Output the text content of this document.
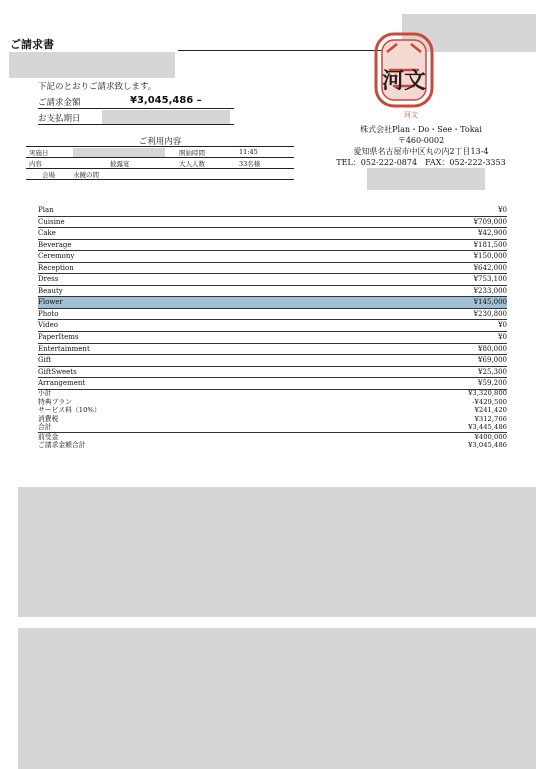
ご請求書
下記のとおりご請求致します。
ご請求金額	¥3,045,486 –
お支払期日
河文
河文
株式会社Plan・Do・See・Tokai
〒460-0002
愛知県名古屋市中区丸の内2丁目13-4
TEL：052-222-0874　FAX：052-222-3353
ご利用内容
実施日		開始時間	11:45
内容	披露宴	大人人数	33名様
会場	水鏡の間		
Plan	¥0
Cuisine	¥709,000
Cake	¥42,900
Beverage	¥181,500
Ceremony	¥150,000
Reception	¥642,000
Dress	¥753,100
Beauty	¥233,000
Flower	¥145,000
Photo	¥230,800
Video	¥0
PaperItems	¥0
Entertainment	¥80,000
Gift	¥69,000
GiftSweets	¥25,300
Arrangement	¥59,200
小計	¥3,320,800
特典プラン	-¥429,500
サービス料（10%）	¥241,420
消費税	¥312,766
合計	¥3,445,486
前受金	¥400,000
ご請求金額合計	¥3,045,486
